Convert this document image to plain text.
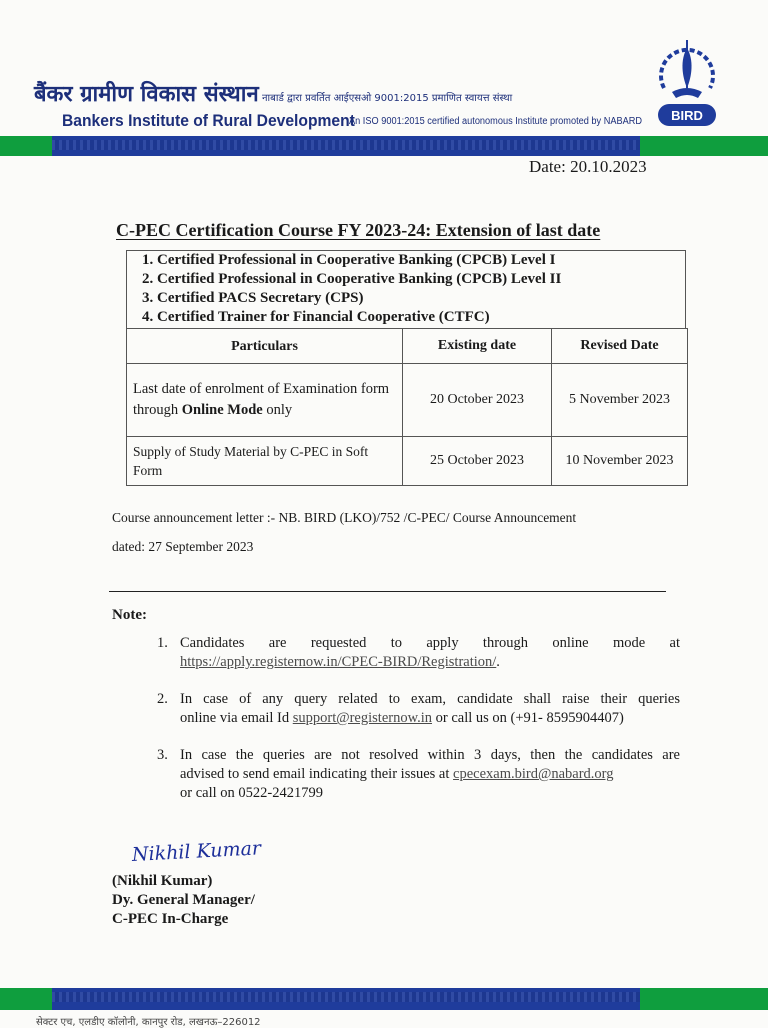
बैंकर ग्रामीण विकास संस्थान नाबार्ड द्वारा प्रवर्तित आईएसओ 9001:2015 प्रमाणित स्वायत्त संस्था
Bankers Institute of Rural Development
An ISO 9001:2015 certified autonomous Institute promoted by NABARD BIRD
Date: 20.10.2023
C-PEC Certification Course FY 2023-24: Extension of last date
1. Certified Professional in Cooperative Banking (CPCB) Level I
2. Certified Professional in Cooperative Banking (CPCB) Level II
3. Certified PACS Secretary (CPS)
4. Certified Trainer for Financial Cooperative (CTFC)
Particulars	Existing date	Revised Date
Last date of enrolment of Examination form through Online Mode only	20 October 2023	5 November 2023
Supply of Study Material by C-PEC in Soft Form	25 October 2023	10 November 2023
Course announcement letter :- NB. BIRD (LKO)/752 /C-PEC/ Course Announcement
dated: 27 September 2023
Note:
1. Candidates are requested to apply through online mode at
https://apply.registernow.in/CPEC-BIRD/Registration/.
2. In case of any query related to exam, candidate shall raise their queries
online via email Id support@registernow.in or call us on (+91- 8595904407)
3. In case the queries are not resolved within 3 days, then the candidates are
advised to send email indicating their issues at cpecexam.bird@nabard.org
or call on 0522-2421799
Nikhil Kumar
(Nikhil Kumar)
Dy. General Manager/
C-PEC In-Charge
सेक्टर एच, एलडीए कॉलोनी, कानपुर रोड, लखनऊ–226012
